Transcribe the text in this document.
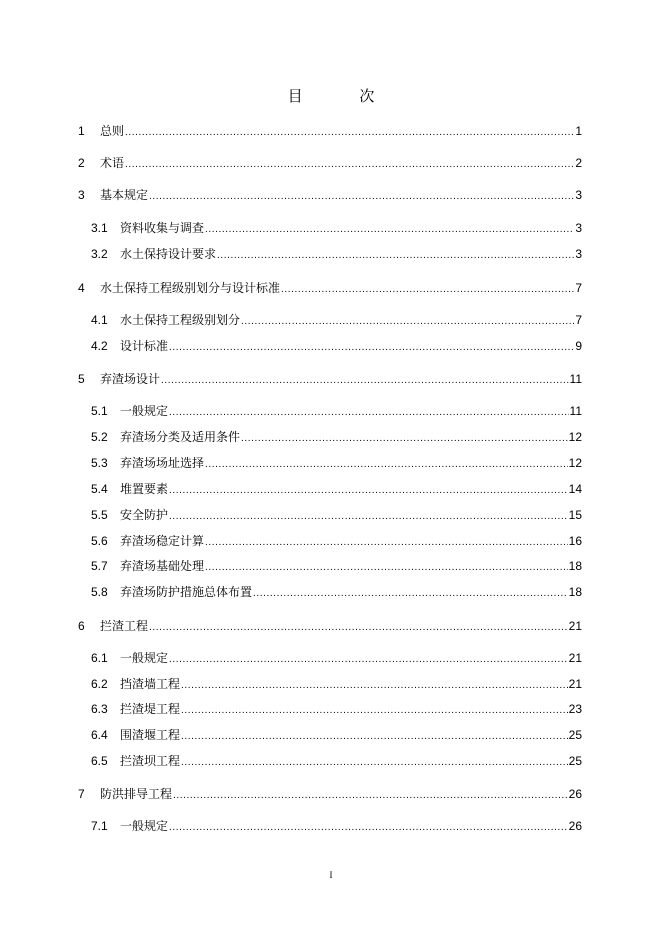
目 次
1	总则 .....	1
2	术语 .....	2
3	基本规定 .....	3
3.1	资料收集与调查 .....	3
3.2	水土保持设计要求 .....	3
4	水土保持工程级别划分与设计标准 .....	7
4.1	水土保持工程级别划分 .....	7
4.2	设计标准 .....	9
5	弃渣场设计 .....	11
5.1	一般规定 .....	11
5.2	弃渣场分类及适用条件 .....	12
5.3	弃渣场场址选择 .....	12
5.4	堆置要素 .....	14
5.5	安全防护 .....	15
5.6	弃渣场稳定计算 .....	16
5.7	弃渣场基础处理 .....	18
5.8	弃渣场防护措施总体布置 .....	18
6	拦渣工程 .....	21
6.1	一般规定 .....	21
6.2	挡渣墙工程 .....	21
6.3	拦渣堤工程 .....	23
6.4	围渣堰工程 .....	25
6.5	拦渣坝工程 .....	25
7	防洪排导工程 .....	26
7.1	一般规定 .....	26
I
